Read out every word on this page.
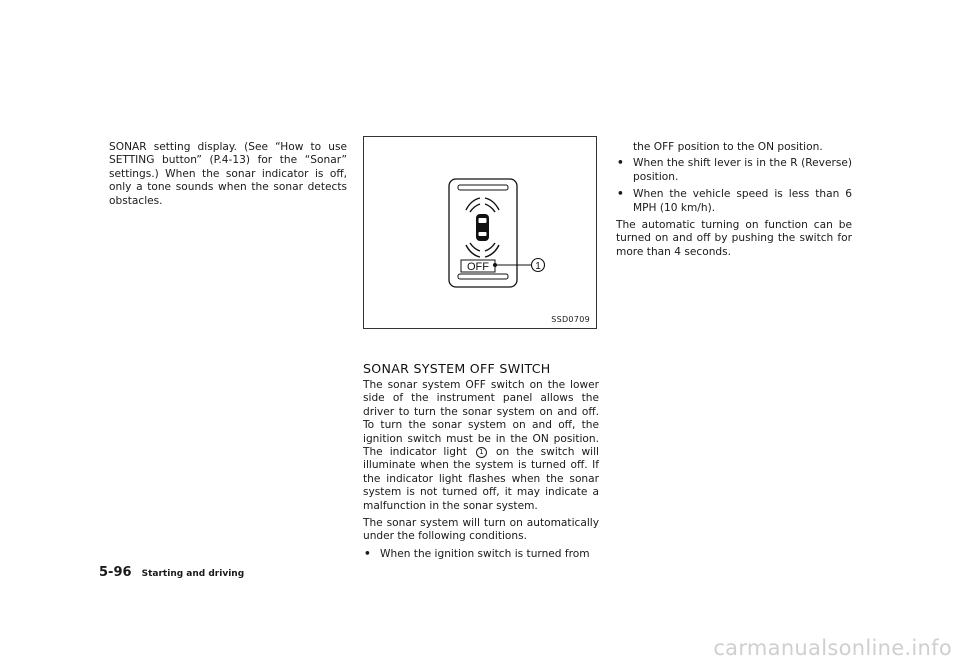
SONAR setting display. (See “How to use SETTING button” (P.4-13) for the “Sonar” settings.) When the sonar indicator is off, only a tone sounds when the sonar detects obstacles.

OFF	1
SSD0709
SONAR SYSTEM OFF SWITCH

The sonar system OFF switch on the lower side of the instrument panel allows the driver to turn the sonar system on and off. To turn the sonar system on and off, the ignition switch must be in the ON position. The indicator light 1 on the switch will illuminate when the system is turned off. If the indicator light flashes when the sonar system is not turned off, it may indicate a malfunction in the sonar system.

The sonar system will turn on automatically under the following conditions.

• When the ignition switch is turned from

the OFF position to the ON position.

• When the shift lever is in the R (Reverse) position.
• When the vehicle speed is less than 6 MPH (10 km/h).

The automatic turning on function can be turned on and off by pushing the switch for more than 4 seconds.

5-96 Starting and driving
carmanualsonline.info
